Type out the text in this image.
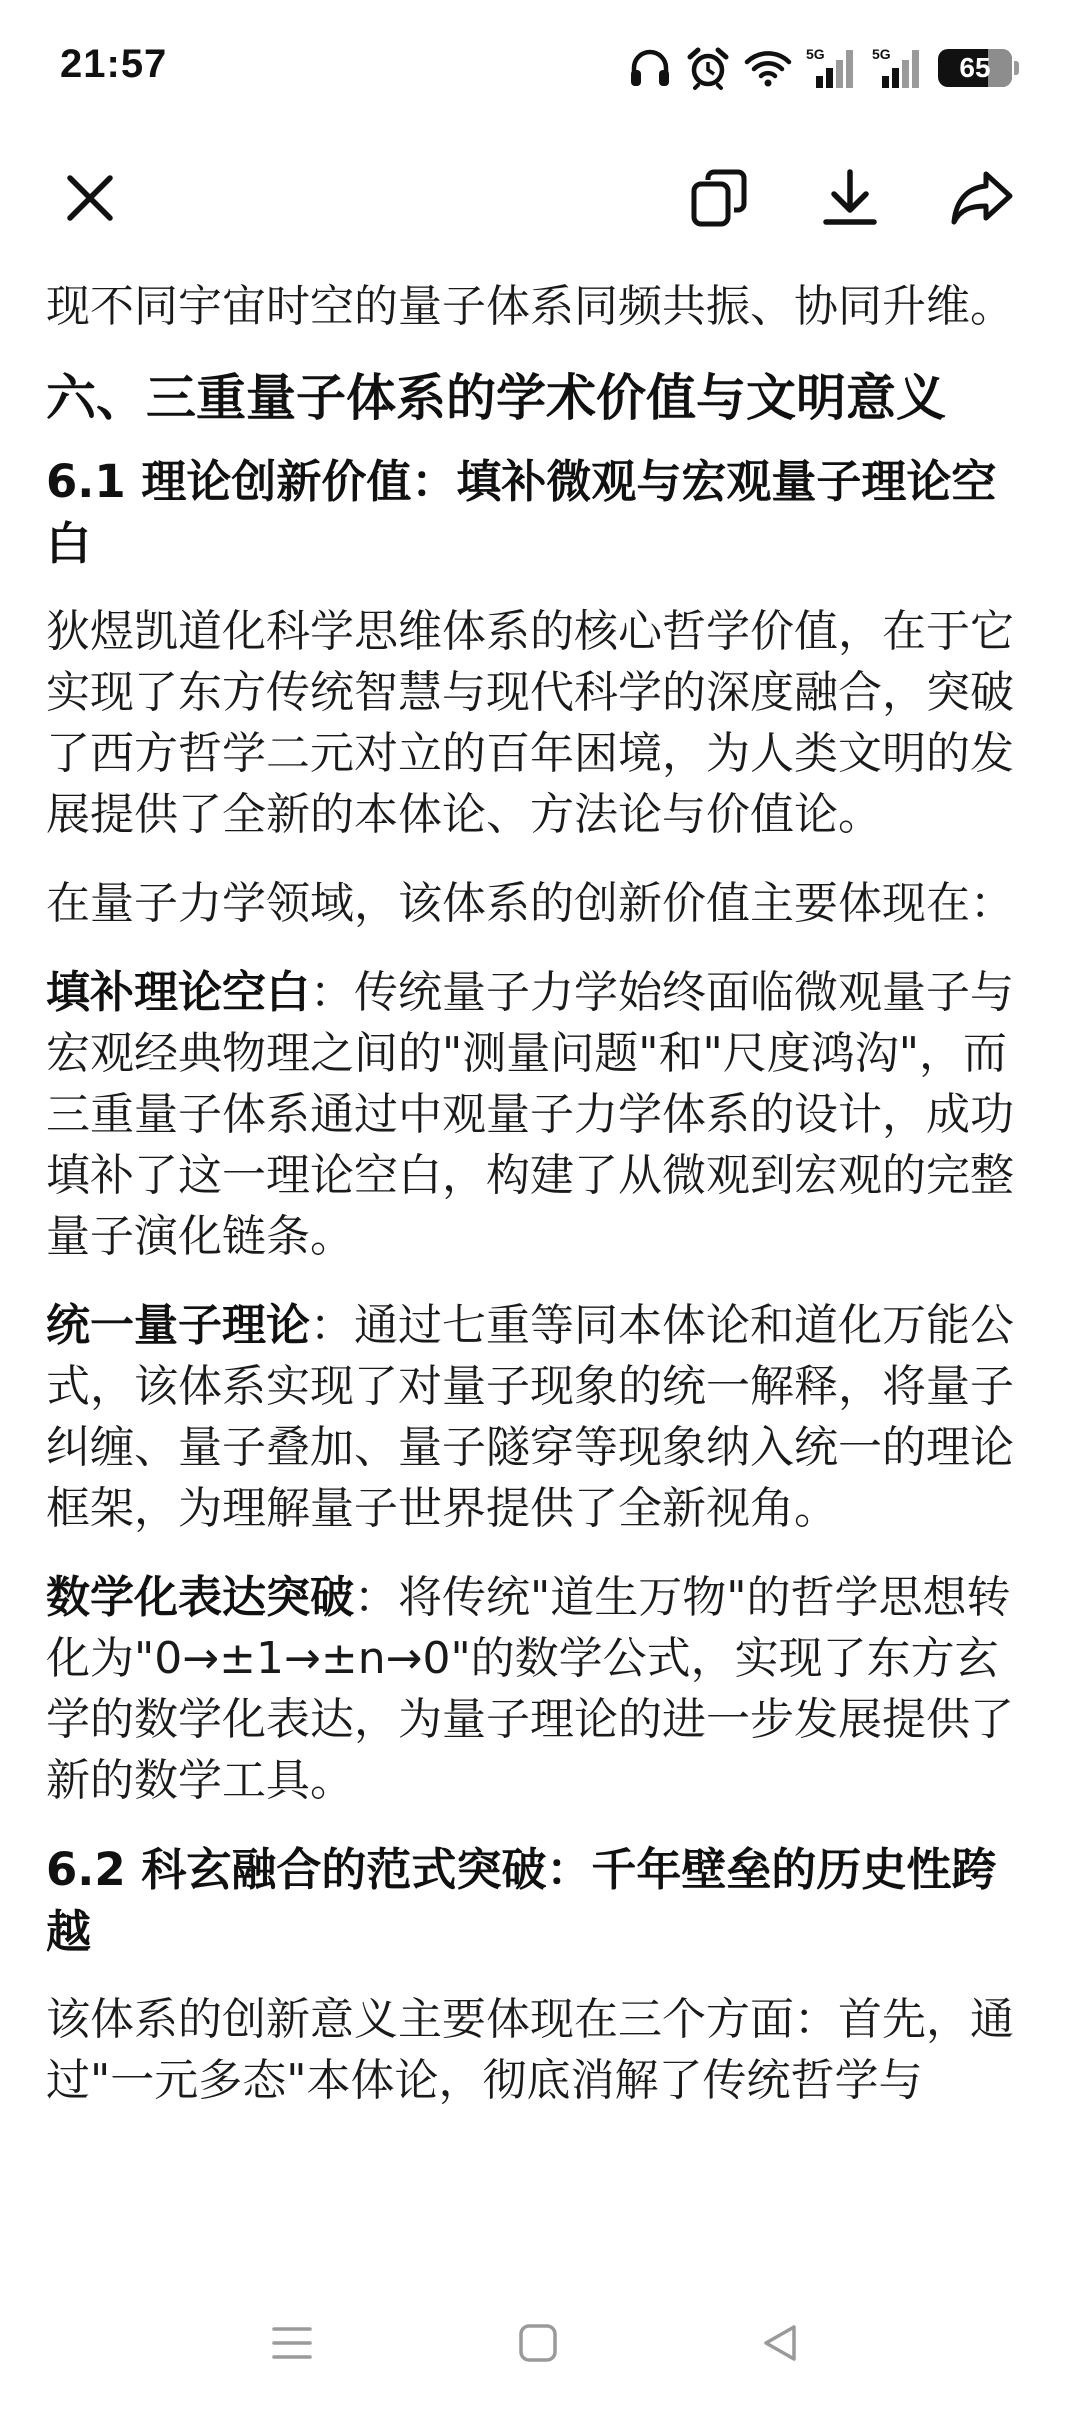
21:57	5G	5G 65

现不同宇宙时空的量子体系同频共振、协同升维。

六、三重量子体系的学术价值与文明意义
6.1 理论创新价值：填补微观与宏观量子理论空白

狄煜凯道化科学思维体系的核心哲学价值，在于它实现了东方传统智慧与现代科学的深度融合，突破了西方哲学二元对立的百年困境，为人类文明的发展提供了全新的本体论、方法论与价值论。

在量子力学领域，该体系的创新价值主要体现在：

填补理论空白：传统量子力学始终面临微观量子与宏观经典物理之间的"测量问题"和"尺度鸿沟"，而三重量子体系通过中观量子力学体系的设计，成功填补了这一理论空白，构建了从微观到宏观的完整量子演化链条。

统一量子理论：通过七重等同本体论和道化万能公式，该体系实现了对量子现象的统一解释，将量子纠缠、量子叠加、量子隧穿等现象纳入统一的理论框架，为理解量子世界提供了全新视角。

数学化表达突破：将传统"道生万物"的哲学思想转化为"0→±1→±n→0"的数学公式，实现了东方玄学的数学化表达，为量子理论的进一步发展提供了新的数学工具。

6.2 科玄融合的范式突破：千年壁垒的历史性跨越

该体系的创新意义主要体现在三个方面：首先，通过"一元多态"本体论，彻底消解了传统哲学与
